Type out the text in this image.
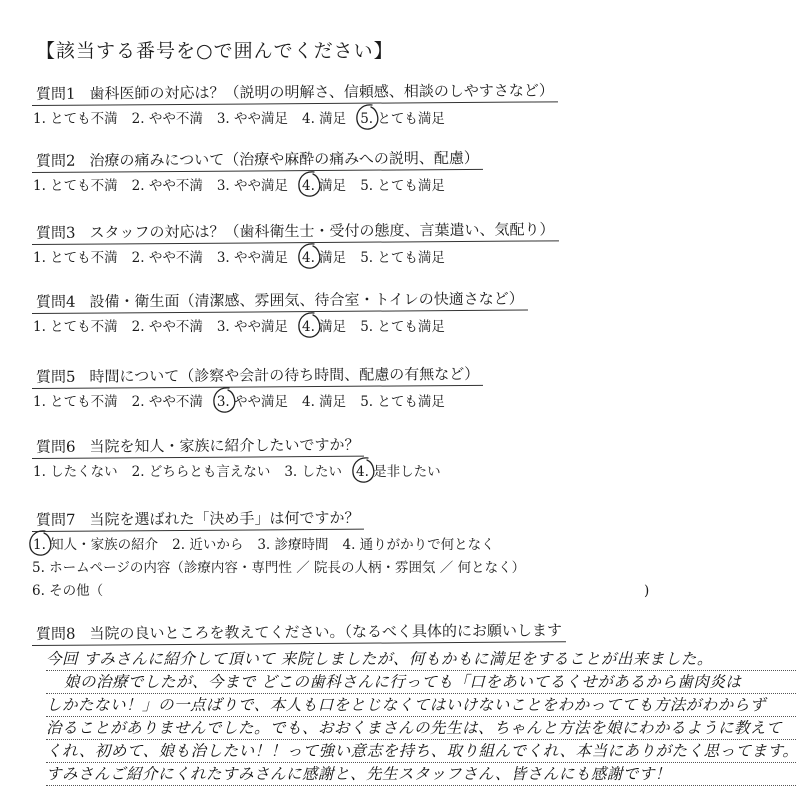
【該当する番号を○で囲んでください】
質問1 歯科医師の対応は？（説明の明解さ、信頼感、相談のしやすさなど）
1. とても不満 2. やや不満 3. やや満足 4. 満足 5. とても満足
質問2 治療の痛みについて（治療や麻酔の痛みへの説明、配慮）
1. とても不満 2. やや不満 3. やや満足 4. 満足 5. とても満足
質問3 スタッフの対応は？（歯科衛生士・受付の態度、言葉遣い、気配り）
1. とても不満 2. やや不満 3. やや満足 4. 満足 5. とても満足
質問4 設備・衛生面（清潔感、雰囲気、待合室・トイレの快適さなど）
1. とても不満 2. やや不満 3. やや満足 4. 満足 5. とても満足
質問5 時間について（診察や会計の待ち時間、配慮の有無など）
1. とても不満 2. やや不満 3. やや満足 4. 満足 5. とても満足
質問6 当院を知人・家族に紹介したいですか？
1. したくない 2. どちらとも言えない 3. したい 4. 是非したい
質問7 当院を選ばれた「決め手」は何ですか？
1. 知人・家族の紹介 2. 近いから 3. 診療時間 4. 通りがかりで何となく
5. ホームページの内容（診療内容・専門性 ／ 院長の人柄・雰囲気 ／ 何となく）
6. その他（	)
質問8 当院の良いところを教えてください。（なるべく具体的にお願いします
今回 すみさんに紹介して頂いて 来院しましたが、何もかもに満足をすることが出来ました。
娘の治療でしたが、今まで どこの歯科さんに行っても「口をあいてるくせがあるから歯肉炎は
しかたない！」の一点ばりで、本人も口をとじなくてはいけないことをわかってても方法がわからず
治ることがありませんでした。でも、おおくまさんの先生は、ちゃんと方法を娘にわかるように教えて
くれ、初めて、娘も治したい！！って強い意志を持ち、取り組んでくれ、本当にありがたく思ってます。
すみさんご紹介にくれたすみさんに感謝と、先生スタッフさん、皆さんにも感謝です！
